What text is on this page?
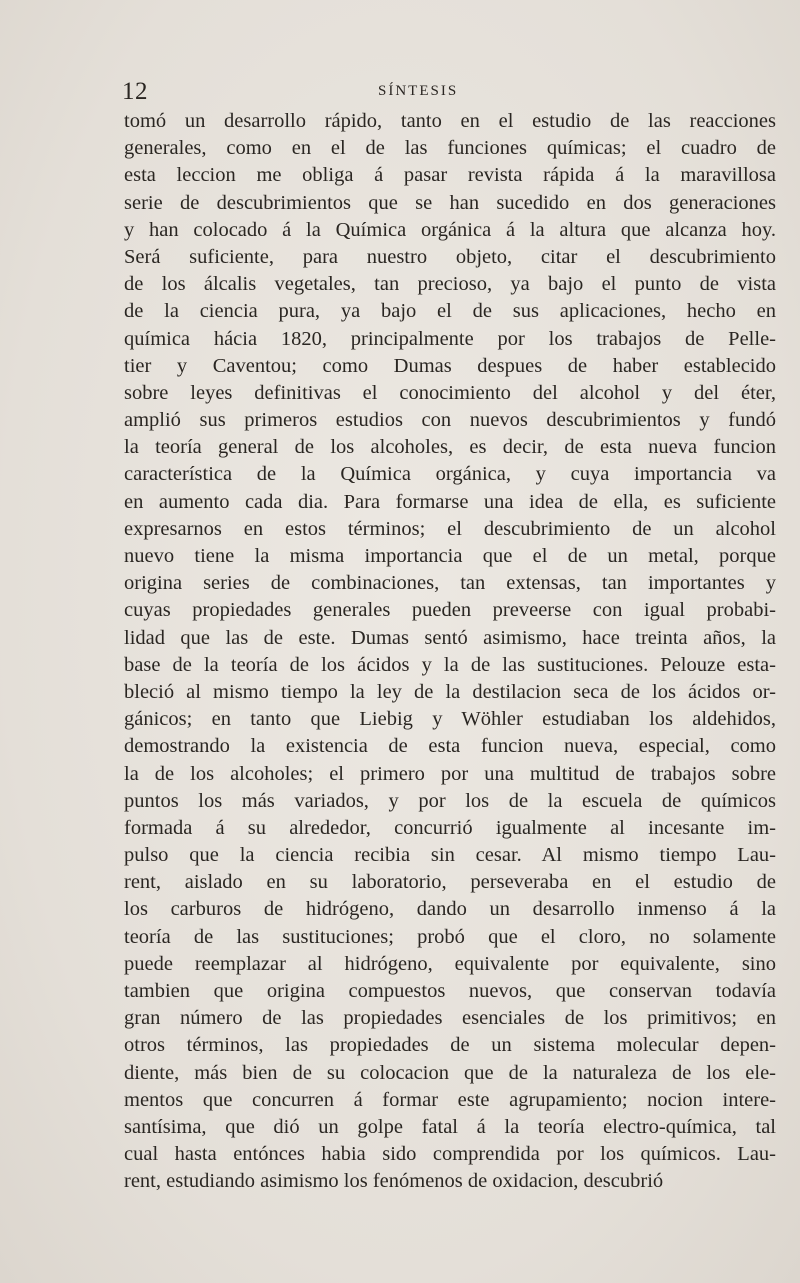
12	SÍNTESIS
tomó un desarrollo rápido, tanto en el estudio de las reacciones
generales, como en el de las funciones químicas; el cuadro de
esta leccion me obliga á pasar revista rápida á la maravillosa
serie de descubrimientos que se han sucedido en dos generaciones
y han colocado á la Química orgánica á la altura que alcanza hoy.
Será suficiente, para nuestro objeto, citar el descubrimiento
de los álcalis vegetales, tan precioso, ya bajo el punto de vista
de la ciencia pura, ya bajo el de sus aplicaciones, hecho en
química hácia 1820, principalmente por los trabajos de Pelle-
tier y Caventou; como Dumas despues de haber establecido
sobre leyes definitivas el conocimiento del alcohol y del éter,
amplió sus primeros estudios con nuevos descubrimientos y fundó
la teoría general de los alcoholes, es decir, de esta nueva funcion
característica de la Química orgánica, y cuya importancia va
en aumento cada dia. Para formarse una idea de ella, es suficiente
expresarnos en estos términos; el descubrimiento de un alcohol
nuevo tiene la misma importancia que el de un metal, porque
origina series de combinaciones, tan extensas, tan importantes y
cuyas propiedades generales pueden preveerse con igual probabi-
lidad que las de este. Dumas sentó asimismo, hace treinta años, la
base de la teoría de los ácidos y la de las sustituciones. Pelouze esta-
bleció al mismo tiempo la ley de la destilacion seca de los ácidos or-
gánicos; en tanto que Liebig y Wöhler estudiaban los aldehidos,
demostrando la existencia de esta funcion nueva, especial, como
la de los alcoholes; el primero por una multitud de trabajos sobre
puntos los más variados, y por los de la escuela de químicos
formada á su alrededor, concurrió igualmente al incesante im-
pulso que la ciencia recibia sin cesar. Al mismo tiempo Lau-
rent, aislado en su laboratorio, perseveraba en el estudio de
los carburos de hidrógeno, dando un desarrollo inmenso á la
teoría de las sustituciones; probó que el cloro, no solamente
puede reemplazar al hidrógeno, equivalente por equivalente, sino
tambien que origina compuestos nuevos, que conservan todavía
gran número de las propiedades esenciales de los primitivos; en
otros términos, las propiedades de un sistema molecular depen-
diente, más bien de su colocacion que de la naturaleza de los ele-
mentos que concurren á formar este agrupamiento; nocion intere-
santísima, que dió un golpe fatal á la teoría electro-química, tal
cual hasta entónces habia sido comprendida por los químicos. Lau-
rent, estudiando asimismo los fenómenos de oxidacion, descubrió
